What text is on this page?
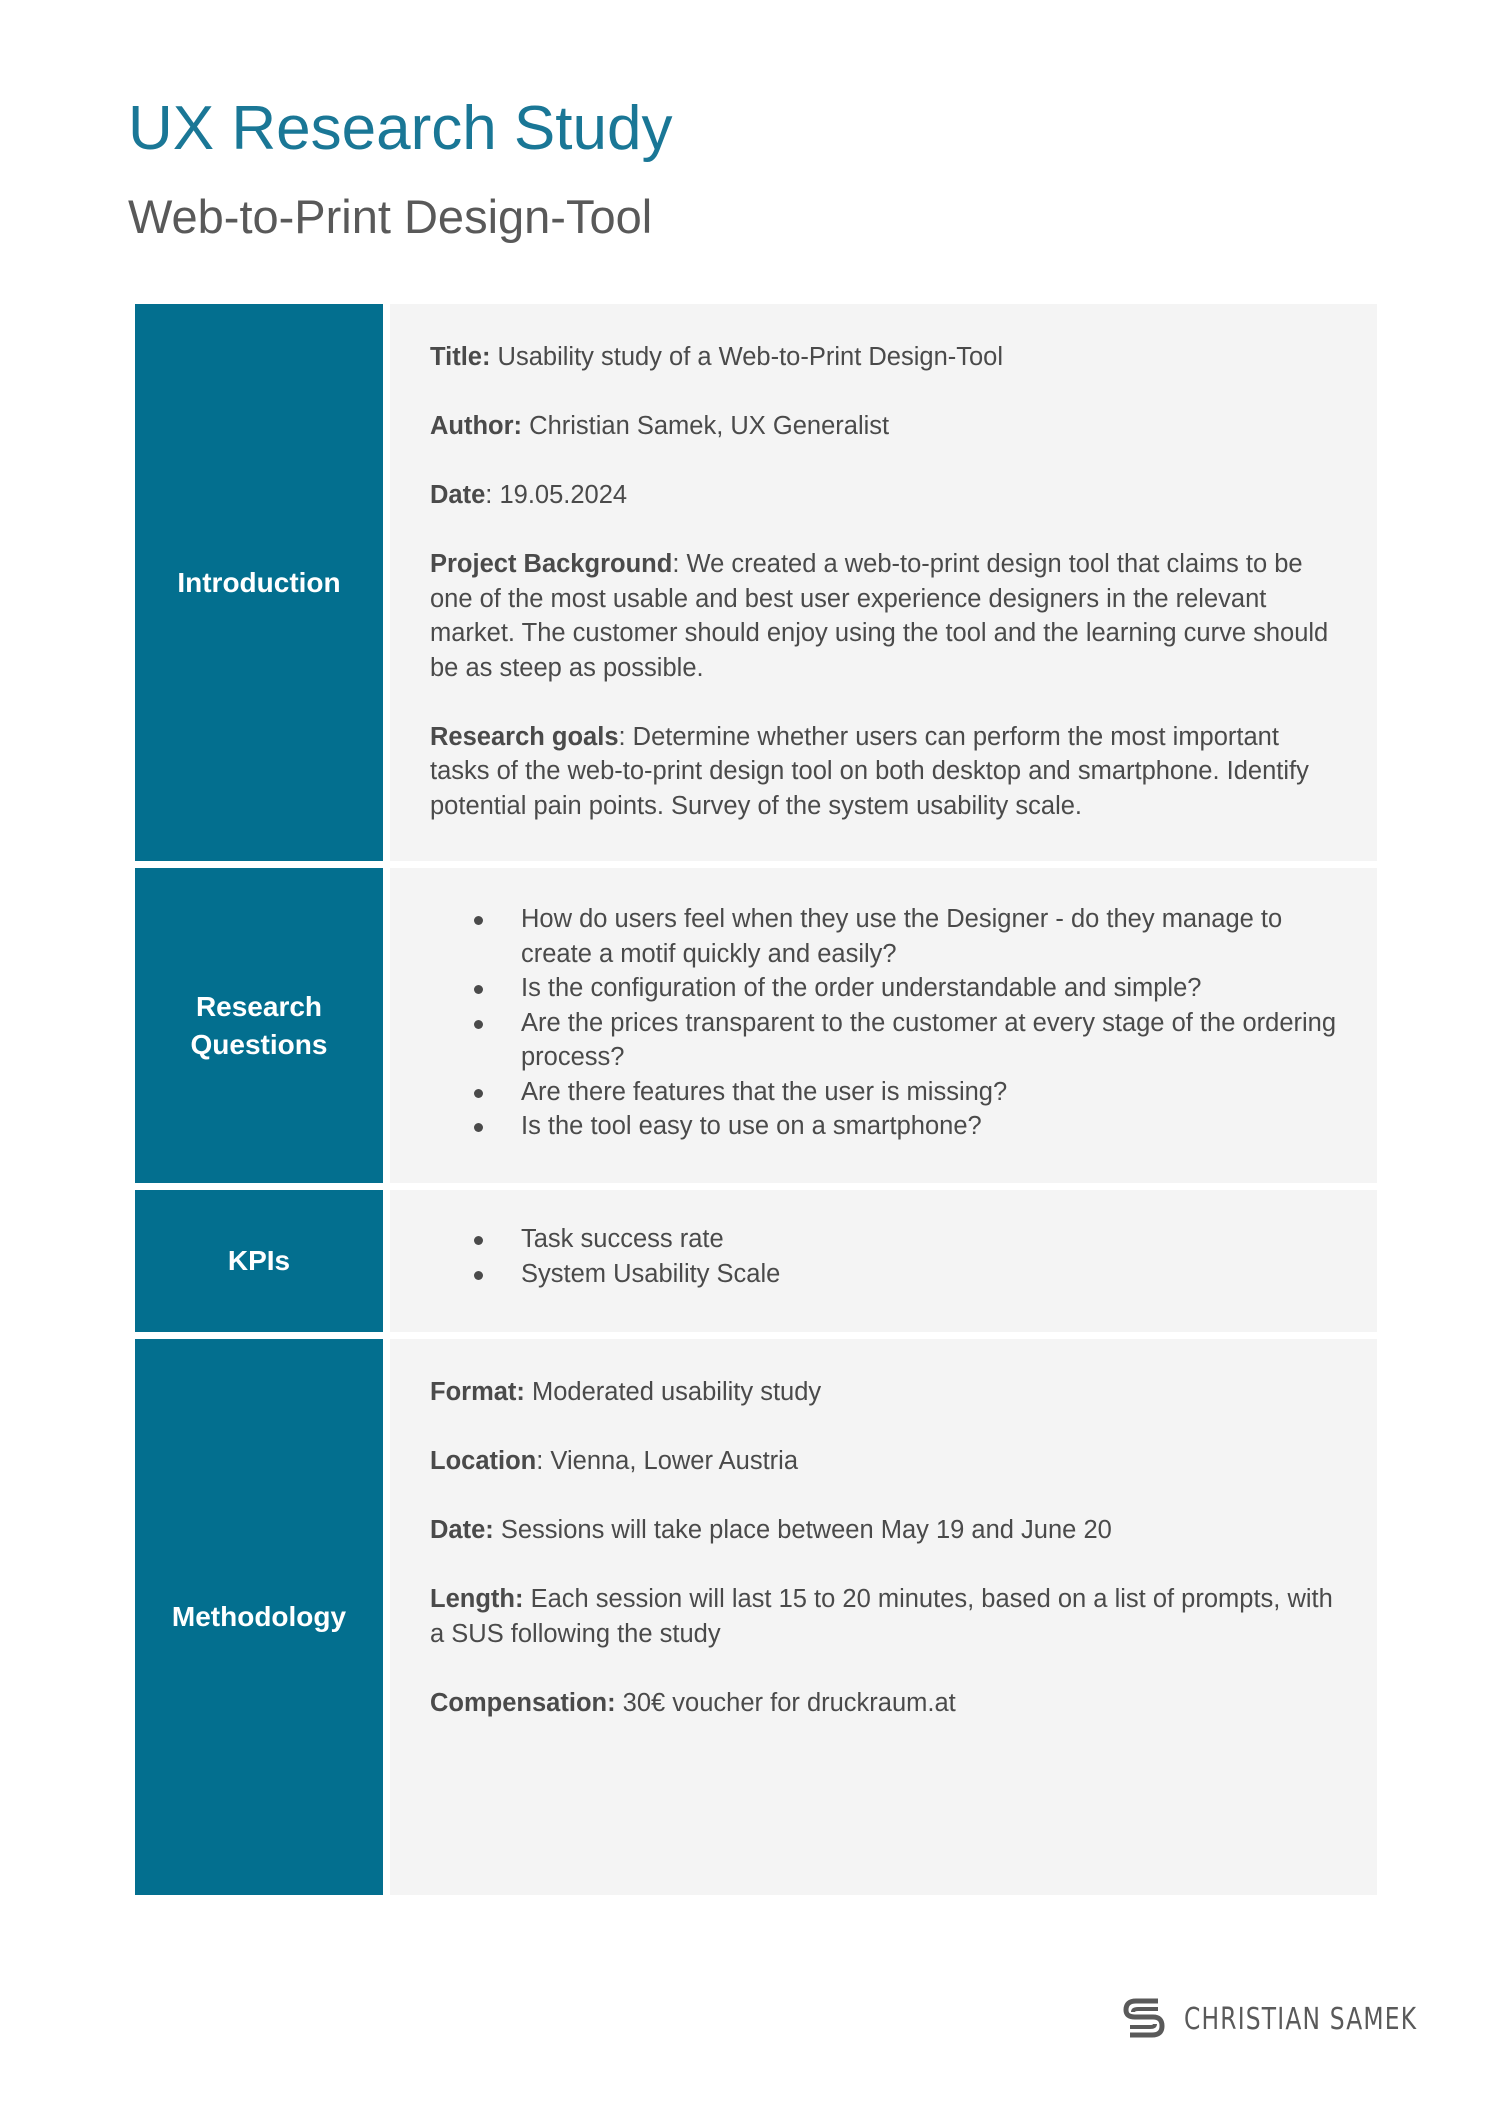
UX Research Study
Web-to-Print Design-Tool
Introduction

Title: Usability study of a Web-to-Print Design-Tool

Author: Christian Samek, UX Generalist

Date: 19.05.2024

Project Background: We created a web-to-print design tool that claims to be one of the most usable and best user experience designers in the relevant market. The customer should enjoy using the tool and the learning curve should be as steep as possible.

Research goals: Determine whether users can perform the most important tasks of the web-to-print design tool on both desktop and smartphone. Identify potential pain points. Survey of the system usability scale.

Research
Questions
How do users feel when they use the Designer - do they manage to create a motif quickly and easily?
Is the configuration of the order understandable and simple?
Are the prices transparent to the customer at every stage of the ordering process?
Are there features that the user is missing?
Is the tool easy to use on a smartphone?
KPIs
Task success rate
System Usability Scale
Methodology

Format: Moderated usability study

Location: Vienna, Lower Austria

Date: Sessions will take place between May 19 and June 20

Length: Each session will last 15 to 20 minutes, based on a list of prompts, with a SUS following the study

Compensation: 30€ voucher for druckraum.at

CHRISTIAN SAMEK
